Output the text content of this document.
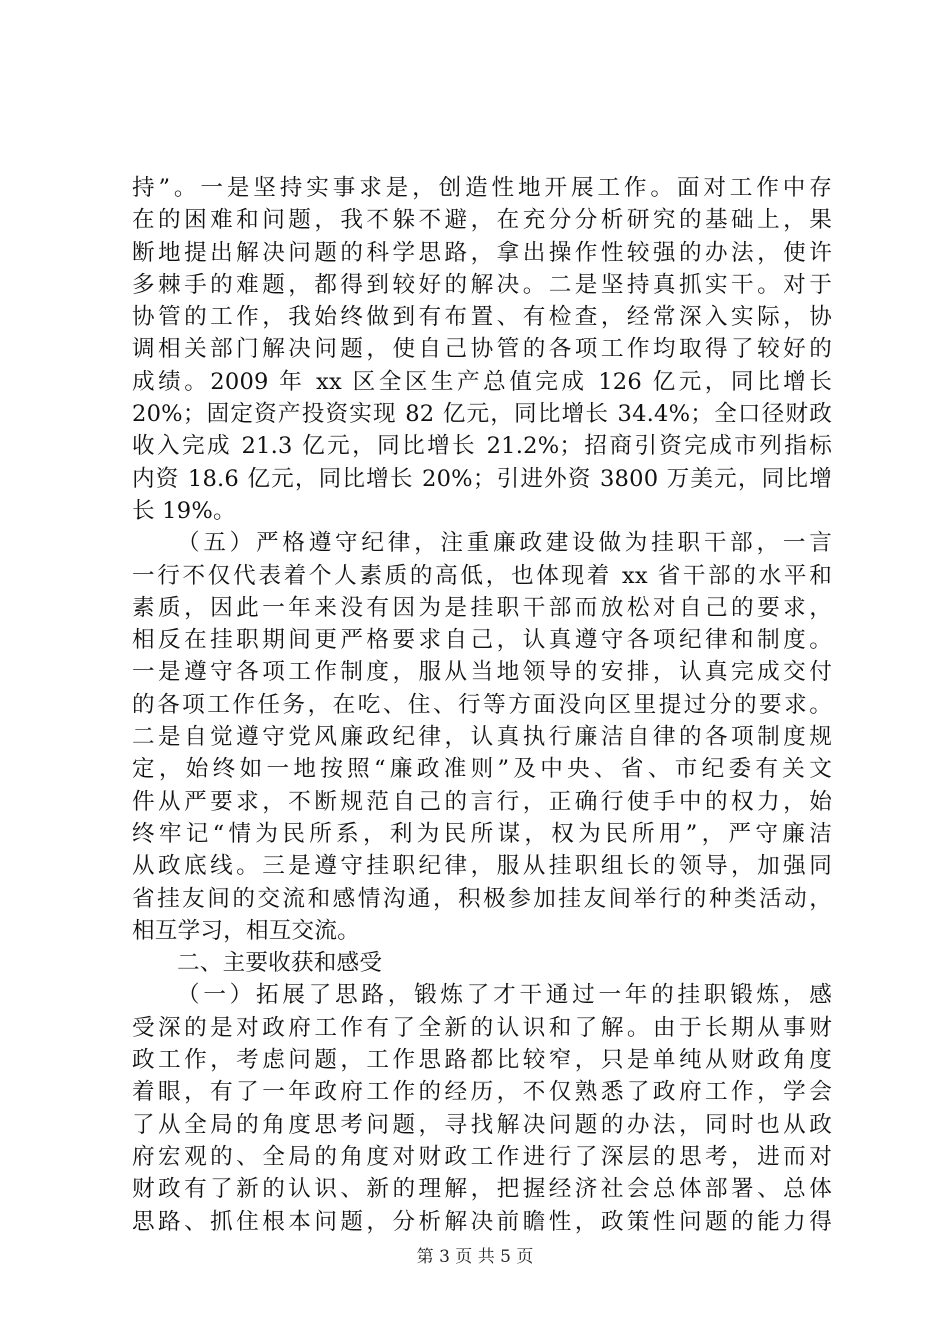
持”。一是坚持实事求是，创造性地开展工作。面对工作中存
在的困难和问题，我不躲不避，在充分分析研究的基础上，果
断地提出解决问题的科学思路，拿出操作性较强的办法，使许
多棘手的难题，都得到较好的解决。二是坚持真抓实干。对于
协管的工作，我始终做到有布置、有检查，经常深入实际，协
调相关部门解决问题，使自己协管的各项工作均取得了较好的
成绩。2009 年 xx 区全区生产总值完成 126 亿元，同比增长
20%；固定资产投资实现 82 亿元，同比增长 34.4%；全口径财政
收入完成 21.3 亿元，同比增长 21.2%；招商引资完成市列指标
内资 18.6 亿元，同比增长 20%；引进外资 3800 万美元，同比增
长 19%。
（五）严格遵守纪律，注重廉政建设做为挂职干部，一言
一行不仅代表着个人素质的高低，也体现着 xx 省干部的水平和
素质，因此一年来没有因为是挂职干部而放松对自己的要求，
相反在挂职期间更严格要求自己，认真遵守各项纪律和制度。
一是遵守各项工作制度，服从当地领导的安排，认真完成交付
的各项工作任务，在吃、住、行等方面没向区里提过分的要求。
二是自觉遵守党风廉政纪律，认真执行廉洁自律的各项制度规
定，始终如一地按照“廉政准则”及中央、省、市纪委有关文
件从严要求，不断规范自己的言行，正确行使手中的权力，始
终牢记“情为民所系，利为民所谋，权为民所用”，严守廉洁
从政底线。三是遵守挂职纪律，服从挂职组长的领导，加强同
省挂友间的交流和感情沟通，积极参加挂友间举行的种类活动，
相互学习，相互交流。
二、主要收获和感受
（一）拓展了思路，锻炼了才干通过一年的挂职锻炼，感
受深的是对政府工作有了全新的认识和了解。由于长期从事财
政工作，考虑问题，工作思路都比较窄，只是单纯从财政角度
着眼，有了一年政府工作的经历，不仅熟悉了政府工作，学会
了从全局的角度思考问题，寻找解决问题的办法，同时也从政
府宏观的、全局的角度对财政工作进行了深层的思考，进而对
财政有了新的认识、新的理解，把握经济社会总体部署、总体
思路、抓住根本问题，分析解决前瞻性，政策性问题的能力得
第 3 页 共 5 页
